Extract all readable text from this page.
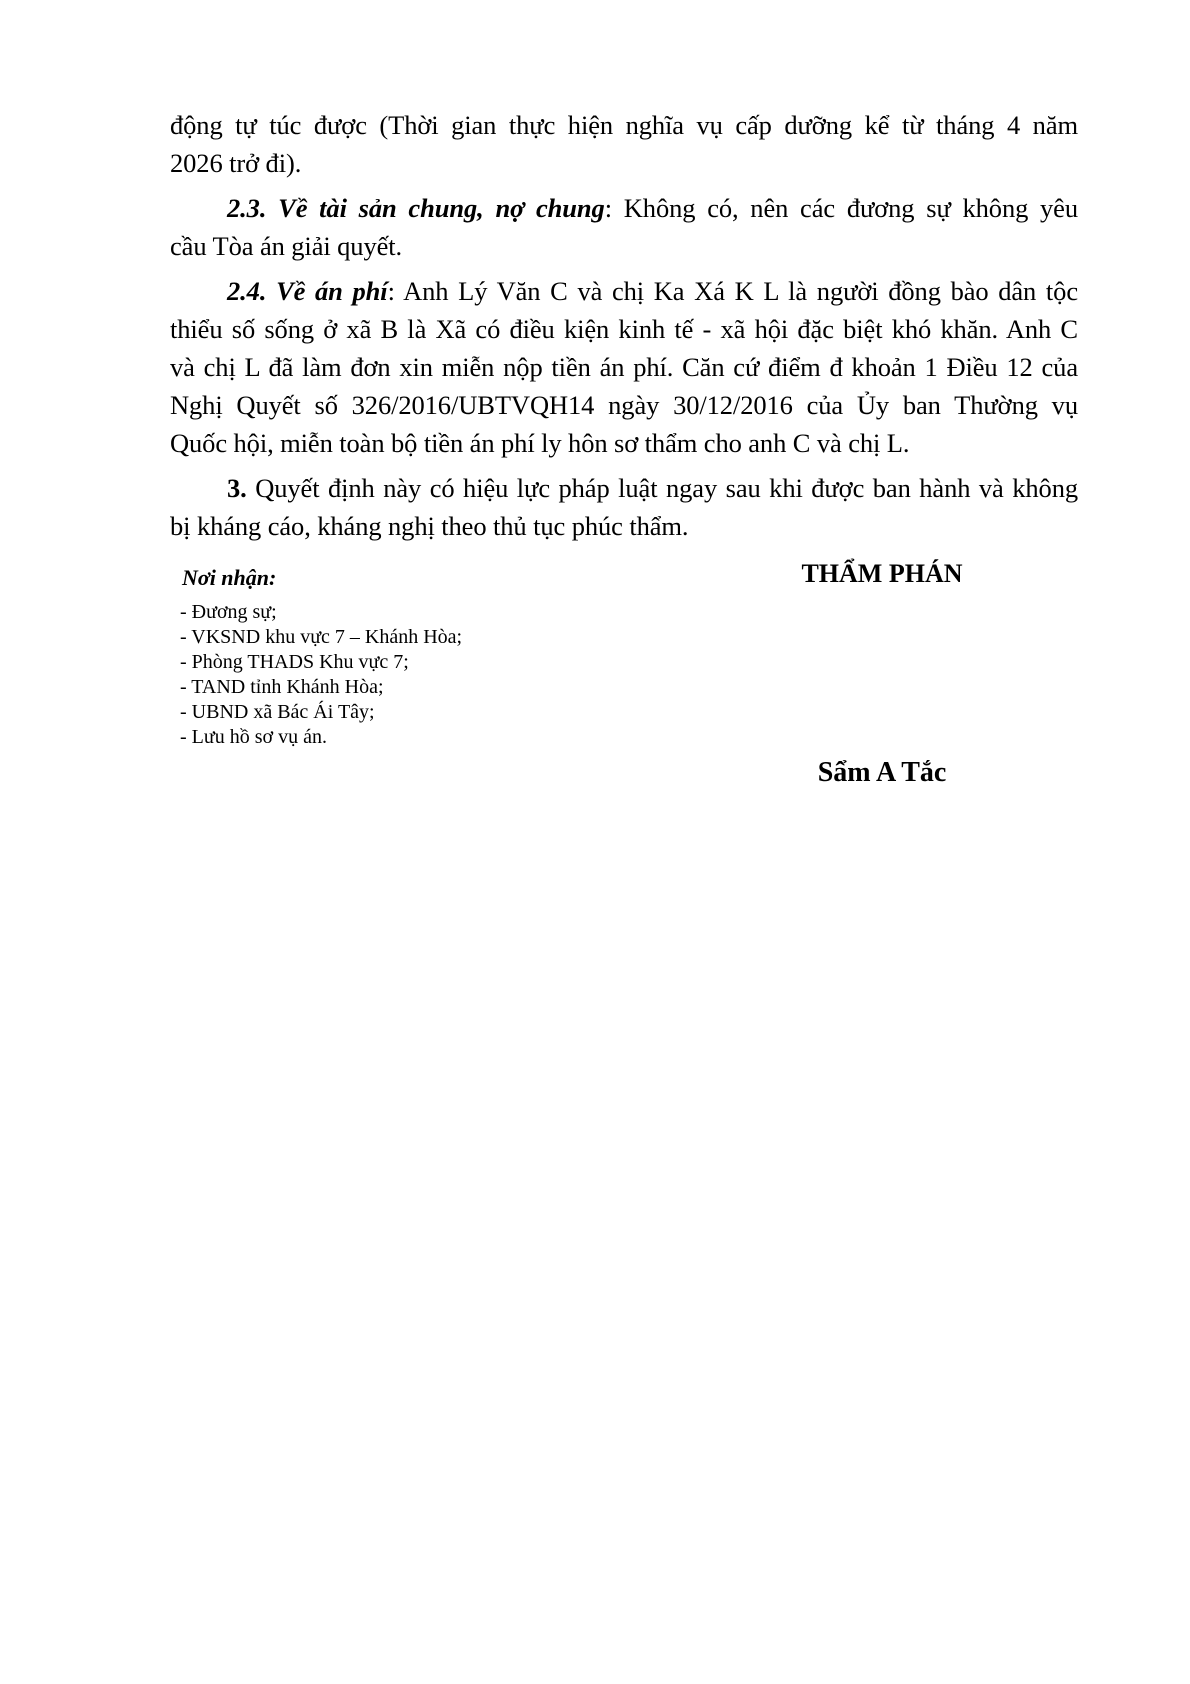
động tự túc được (Thời gian thực hiện nghĩa vụ cấp dưỡng kể từ tháng 4 năm
2026 trở đi).
2.3. Về tài sản chung, nợ chung: Không có, nên các đương sự không yêu
cầu Tòa án giải quyết.
2.4. Về án phí: Anh Lý Văn C và chị Ka Xá K L là người đồng bào dân tộc
thiểu số sống ở xã B là Xã có điều kiện kinh tế - xã hội đặc biệt khó khăn. Anh C
và chị L đã làm đơn xin miễn nộp tiền án phí. Căn cứ điểm đ khoản 1 Điều 12 của
Nghị Quyết số 326/2016/UBTVQH14 ngày 30/12/2016 của Ủy ban Thường vụ
Quốc hội, miễn toàn bộ tiền án phí ly hôn sơ thẩm cho anh C và chị L.
3. Quyết định này có hiệu lực pháp luật ngay sau khi được ban hành và không
bị kháng cáo, kháng nghị theo thủ tục phúc thẩm.
Nơi nhận:
- Đương sự;
- VKSND khu vực 7 – Khánh Hòa;
- Phòng THADS Khu vực 7;
- TAND tỉnh Khánh Hòa;
- UBND xã Bác Ái Tây;
- Lưu hồ sơ vụ án.
THẨM PHÁN
Sẩm A Tắc
